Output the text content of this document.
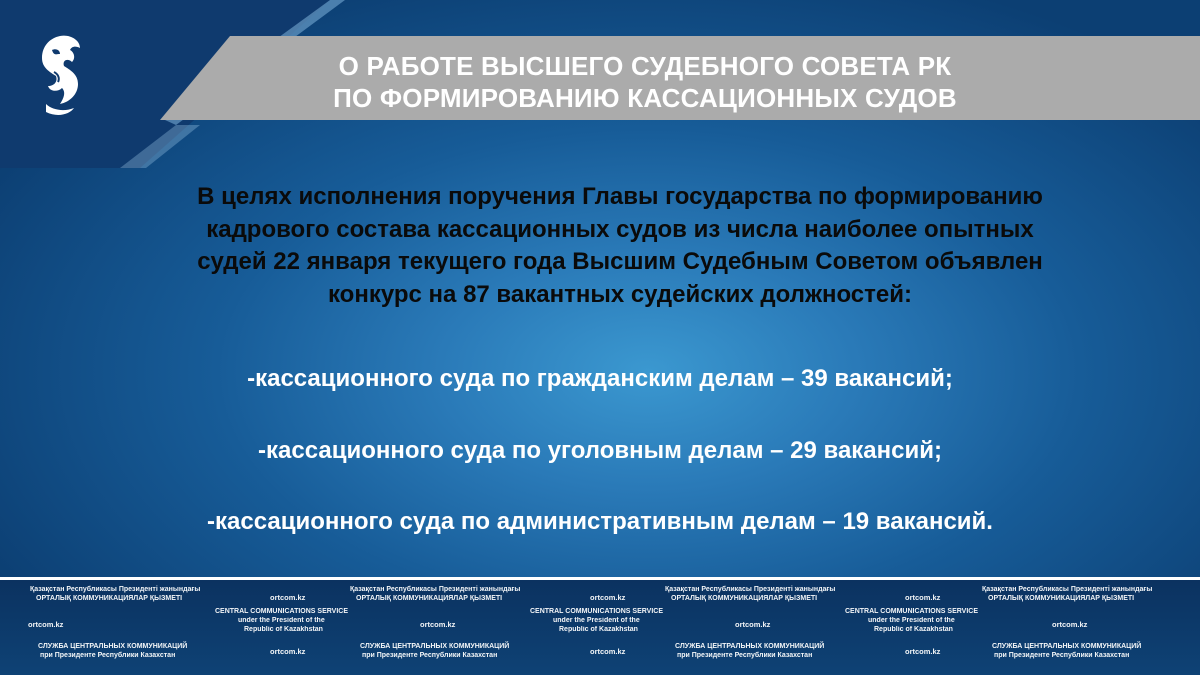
О РАБОТЕ ВЫСШЕГО СУДЕБНОГО СОВЕТА РК
ПО ФОРМИРОВАНИЮ КАССАЦИОННЫХ СУДОВ
В целях исполнения поручения Главы государства по формированию
кадрового состава кассационных судов из числа наиболее опытных
судей 22 января текущего года Высшим Судебным Советом объявлен
конкурс на 87 вакантных судейских должностей:
-кассационного суда по гражданским делам – 39 вакансий;
-кассационного суда по уголовным делам – 29 вакансий;
-кассационного суда по административным делам – 19 вакансий.
Қазақстан Республикасы Президенті жанындағы
ОРТАЛЫҚ КОММУНИКАЦИЯЛАР ҚЫЗМЕТІ
ortcom.kz
СЛУЖБА ЦЕНТРАЛЬНЫХ КОММУНИКАЦИЙ
при Президенте Республики Казахстан
ortcom.kz
CENTRAL COMMUNICATIONS SERVICE
under the President of the
Republic of Kazakhstan
ortcom.kz
Қазақстан Республикасы Президенті жанындағы
ОРТАЛЫҚ КОММУНИКАЦИЯЛАР ҚЫЗМЕТІ
ortcom.kz
СЛУЖБА ЦЕНТРАЛЬНЫХ КОММУНИКАЦИЙ
при Президенте Республики Казахстан
ortcom.kz
CENTRAL COMMUNICATIONS SERVICE
under the President of the
Republic of Kazakhstan
ortcom.kz
Қазақстан Республикасы Президенті жанындағы
ОРТАЛЫҚ КОММУНИКАЦИЯЛАР ҚЫЗМЕТІ
ortcom.kz
СЛУЖБА ЦЕНТРАЛЬНЫХ КОММУНИКАЦИЙ
при Президенте Республики Казахстан
ortcom.kz
CENTRAL COMMUNICATIONS SERVICE
under the President of the
Republic of Kazakhstan
ortcom.kz
Қазақстан Республикасы Президенті жанындағы
ОРТАЛЫҚ КОММУНИКАЦИЯЛАР ҚЫЗМЕТІ
ortcom.kz
СЛУЖБА ЦЕНТРАЛЬНЫХ КОММУНИКАЦИЙ
при Президенте Республики Казахстан
